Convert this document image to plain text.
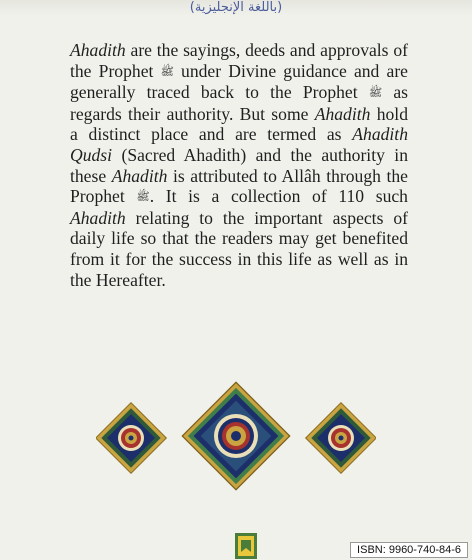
(باللغة الإنجليزية)

Ahadith are the sayings, deeds and approvals of the Prophet ﷺ under Divine guidance and are generally traced back to the Prophet ﷺ as regards their authority. But some Ahadith hold a distinct place and are termed as Ahadith Qudsi (Sacred Ahadith) and the authority in these Ahadith is attributed to Allâh through the Prophet ﷺ. It is a collection of 110 such Ahadith relating to the important aspects of daily life so that the readers may get benefited from it for the success in this life as well as in the Hereafter.

ISBN: 9960-740-84-6
